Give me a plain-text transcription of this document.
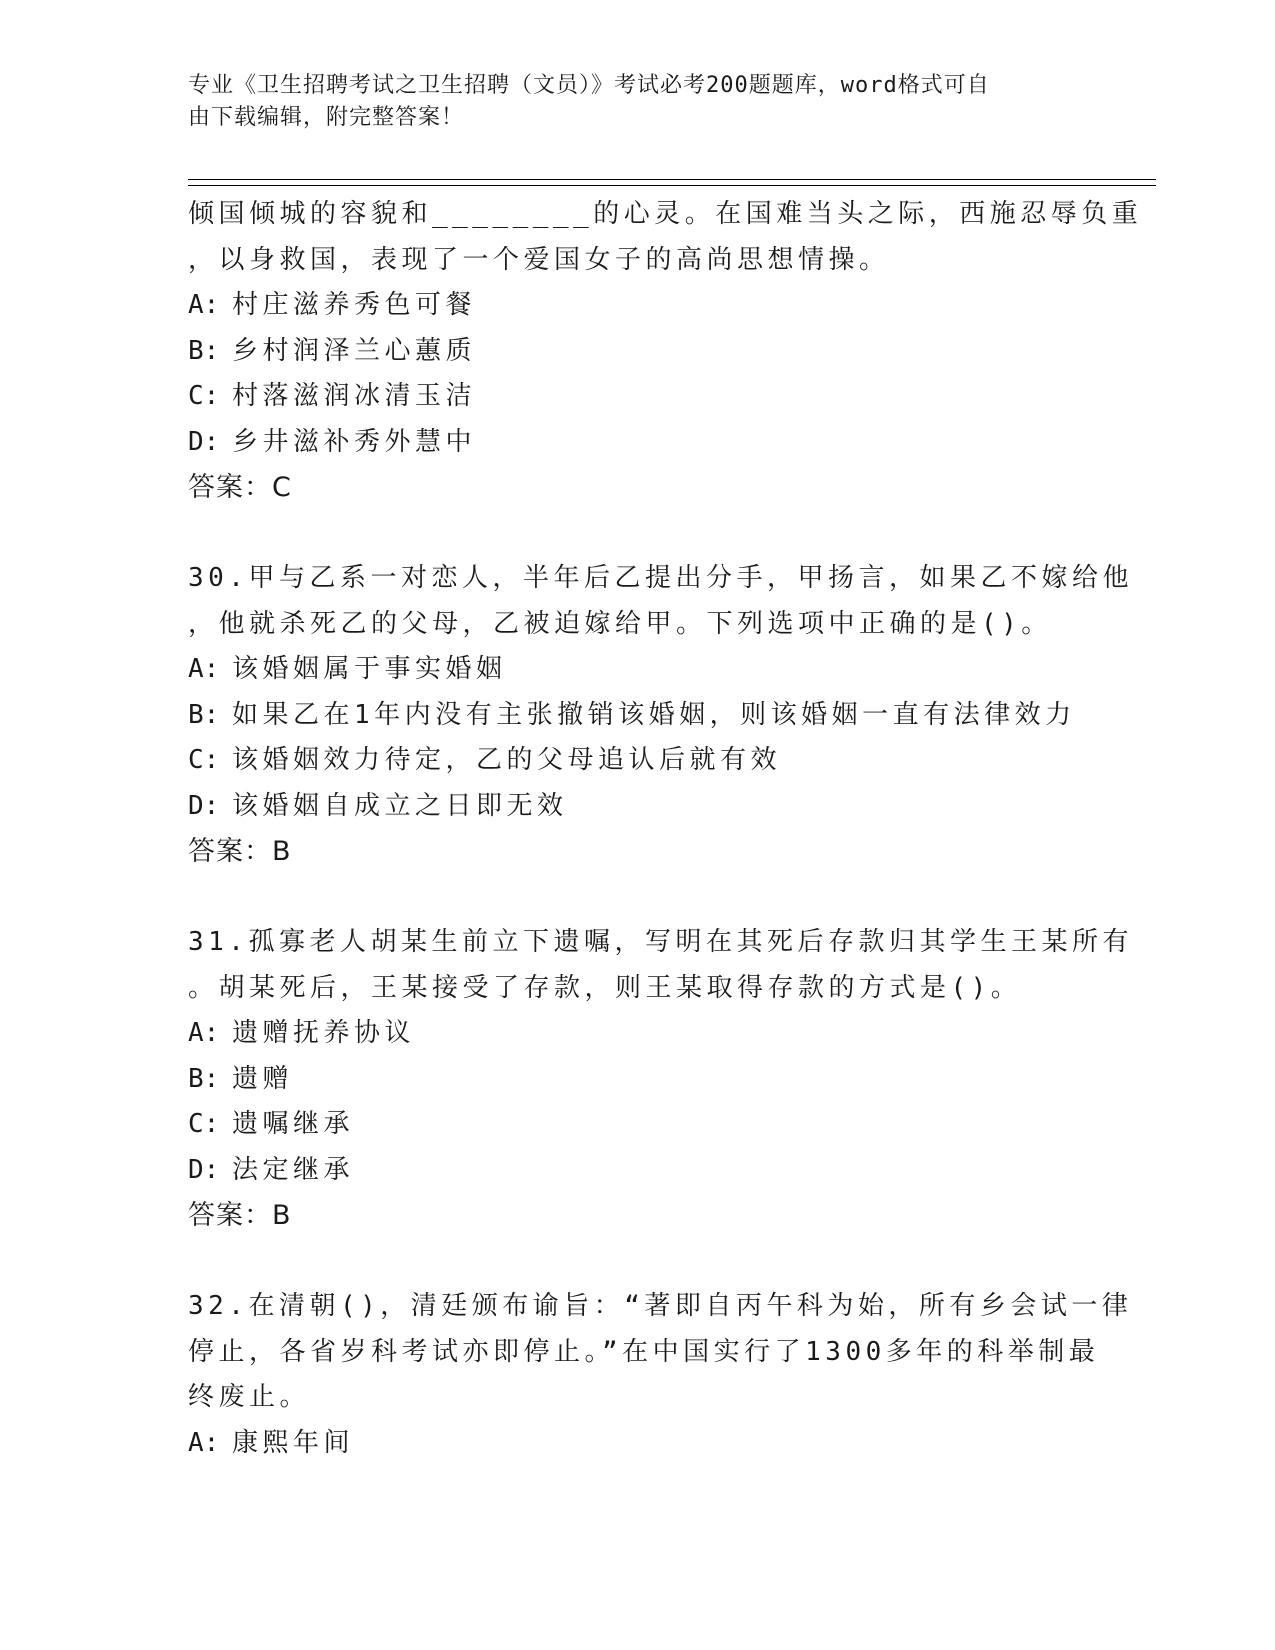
专业《卫生招聘考试之卫生招聘（文员）》考试必考200题题库，word格式可自
由下载编辑，附完整答案！
倾国倾城的容貌和________的心灵。在国难当头之际，西施忍辱负重
，以身救国，表现了一个爱国女子的高尚思想情操。
A: 村庄滋养秀色可餐
B: 乡村润泽兰心蕙质
C: 村落滋润冰清玉洁
D: 乡井滋补秀外慧中
答案：C
30.甲与乙系一对恋人，半年后乙提出分手，甲扬言，如果乙不嫁给他
，他就杀死乙的父母，乙被迫嫁给甲。下列选项中正确的是()。
A: 该婚姻属于事实婚姻
B: 如果乙在1年内没有主张撤销该婚姻，则该婚姻一直有法律效力
C: 该婚姻效力待定，乙的父母追认后就有效
D: 该婚姻自成立之日即无效
答案：B
31.孤寡老人胡某生前立下遗嘱，写明在其死后存款归其学生王某所有
。胡某死后，王某接受了存款，则王某取得存款的方式是()。
A: 遗赠抚养协议
B: 遗赠
C: 遗嘱继承
D: 法定继承
答案：B
32.在清朝()，清廷颁布谕旨：“著即自丙午科为始，所有乡会试一律
停止，各省岁科考试亦即停止。”在中国实行了1300多年的科举制最
终废止。
A: 康熙年间
